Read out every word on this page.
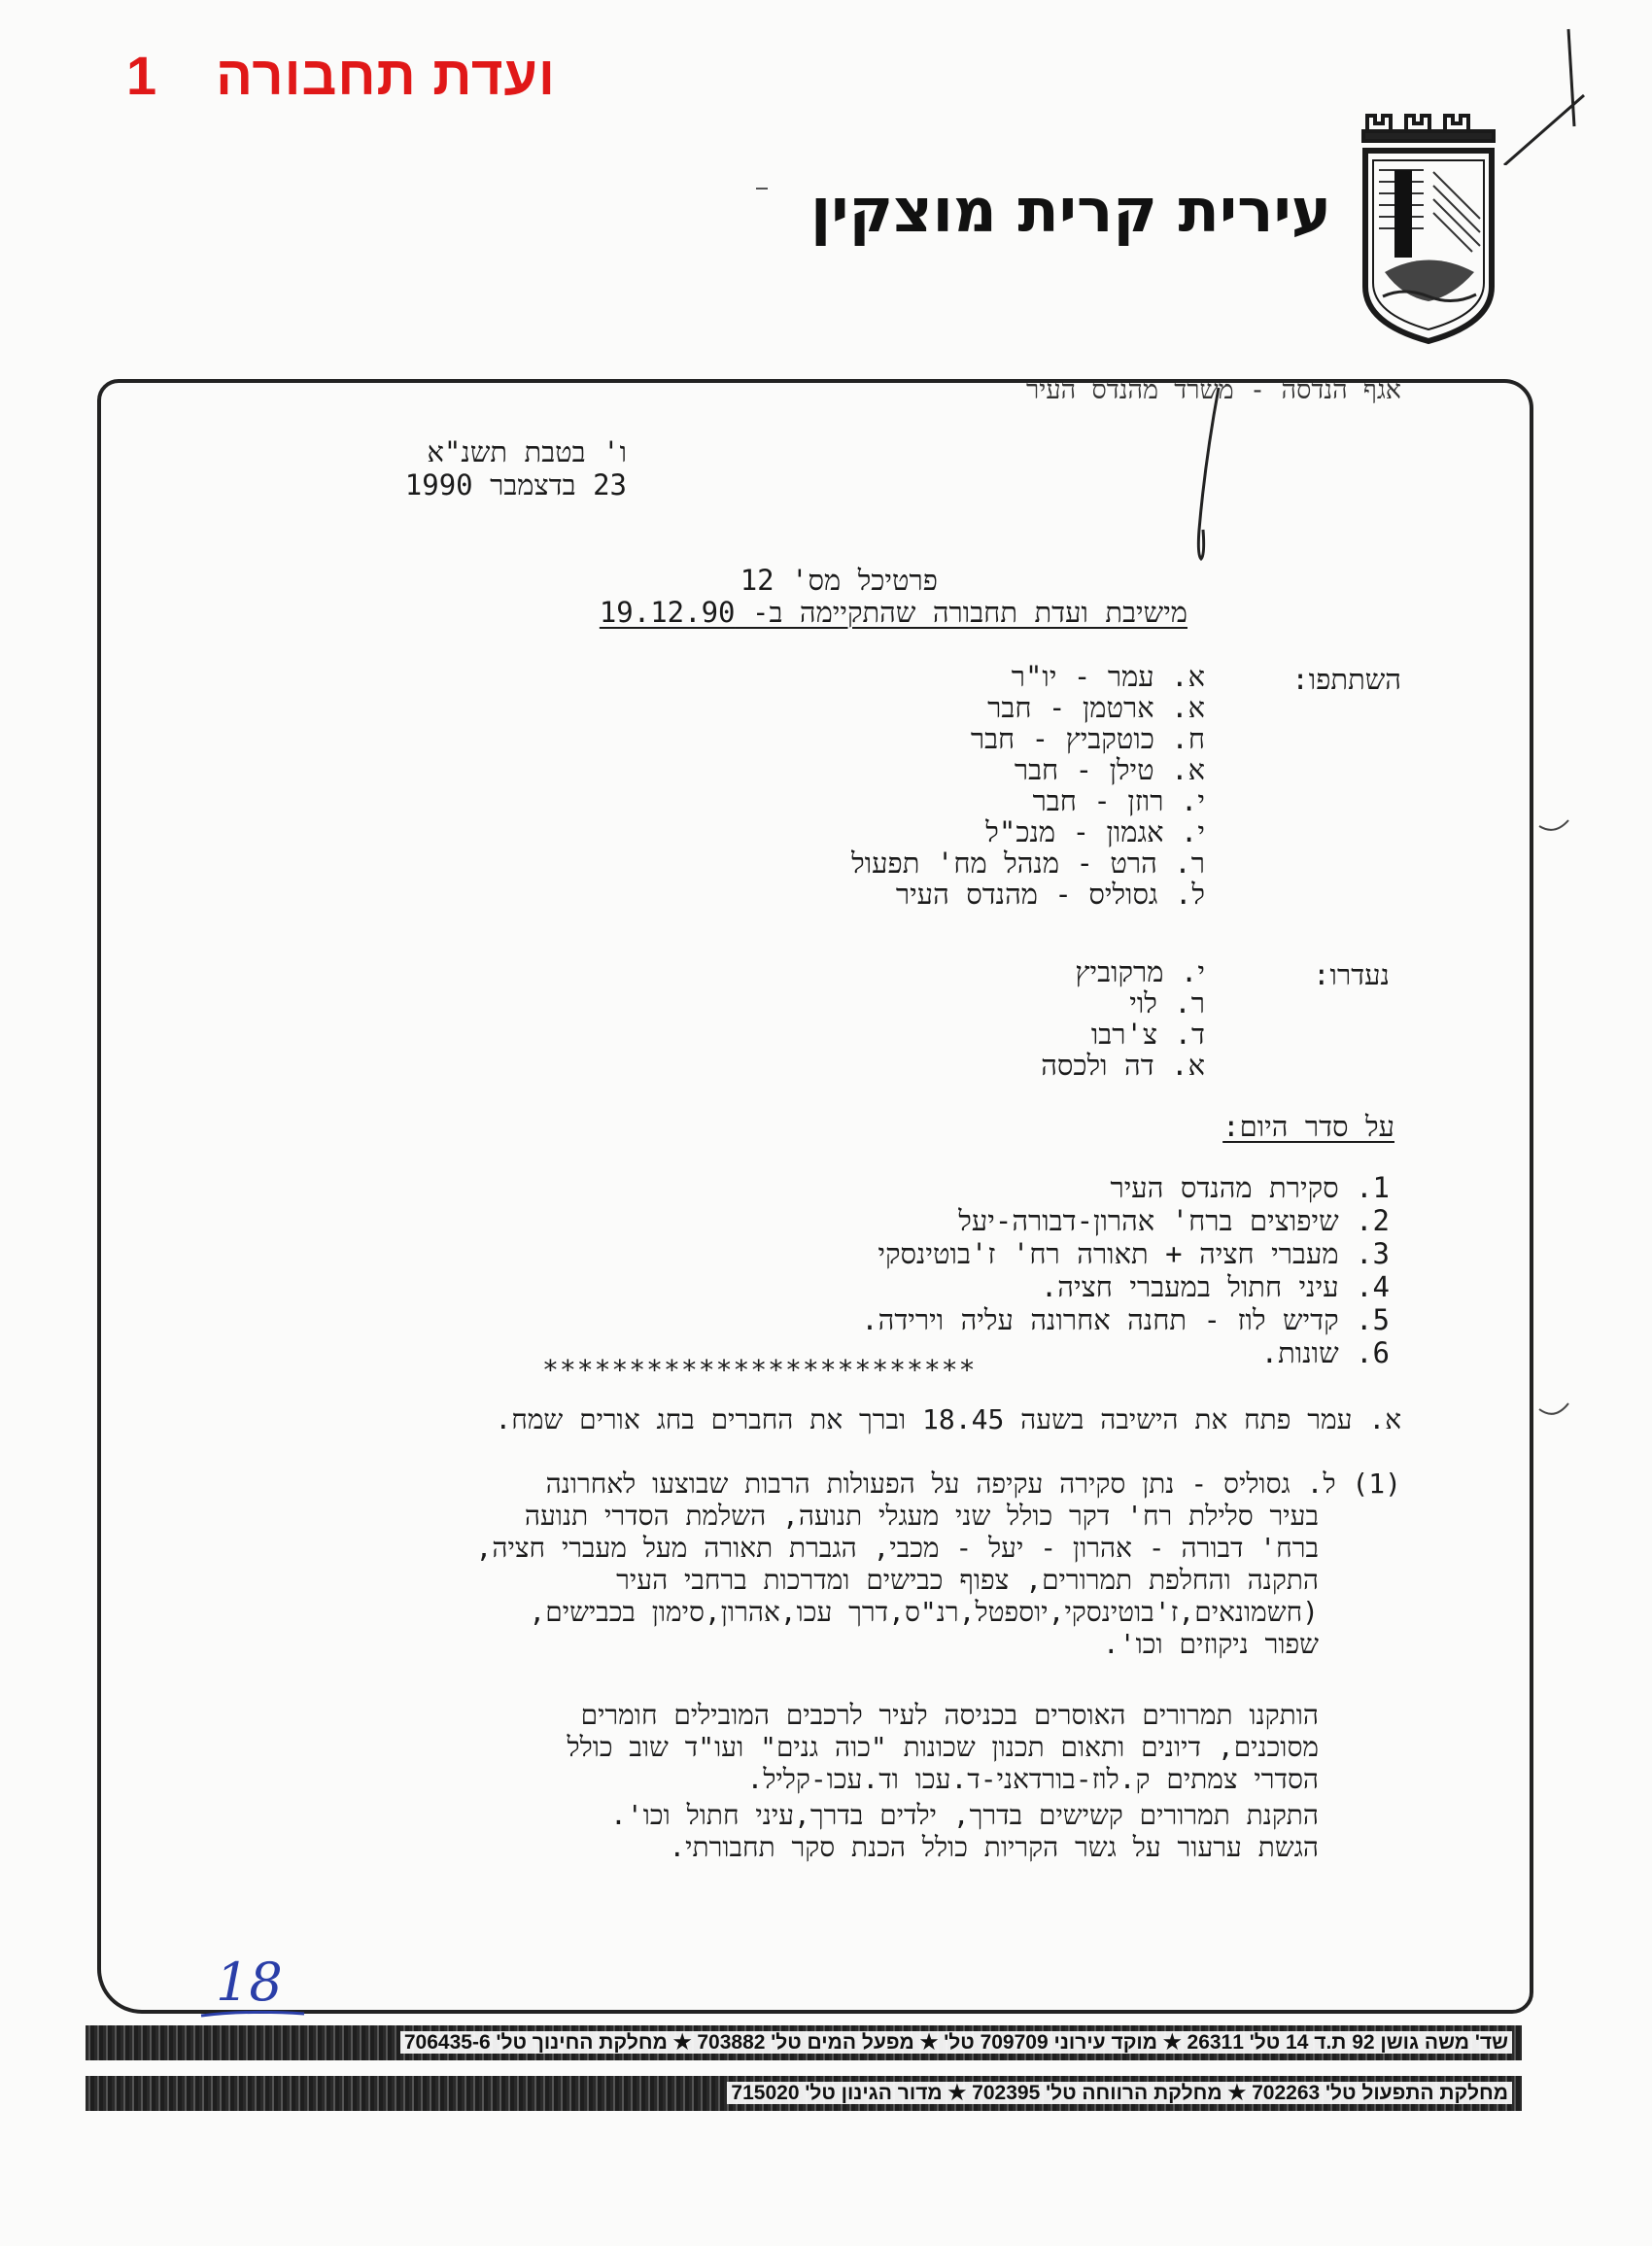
1 ועדת תחבורה
עירית קרית מוצקין
אגף הנדסה - משרד מהנדס העיר
ו' בטבת תשנ"א
23 בדצמבר 1990
פרטיכל מס' 12
מישיבת ועדת תחבורה שהתקיימה ב- 19.12.90
השתתפו:
א. עמר - יו"ר
א. ארטמן - חבר
ח. כוטקביץ - חבר
א. טילן - חבר
י. רוזן - חבר
י. אגמון - מנכ"ל
ר. הרט - מנהל מח' תפעול
ל. גסוליס - מהנדס העיר
נעדרו:
י. מרקוביץ
ר. לוי
ד. צ'רבו
א. דה ולכסה
על סדר היום:
1. סקירת מהנדס העיר
2. שיפוצים ברח' אהרון-דבורה-יעל
3. מעברי חציה + תאורה רח' ז'בוטינסקי
4. עיני חתול במעברי חציה.
5. קדיש לוז - תחנה אחרונה עליה וירידה.
6. שונות.
*************************
א. עמר פתח את הישיבה בשעה 18.45 וברך את החברים בחג אורים שמח.
(1) ל. גסוליס - נתן סקירה עקיפה על הפעולות הרבות שבוצעו לאחרונה
בעיר סלילת רח' דקר כולל שני מעגלי תנועה, השלמת הסדרי תנועה
ברח' דבורה - אהרון - יעל - מכבי, הגברת תאורה מעל מעברי חציה,
התקנה והחלפת תמרורים, צפוף כבישים ומדרכות ברחבי העיר
(חשמונאים,ז'בוטינסקי,יוספטל,רנ"ס,דרך עכו,אהרון,סימון בכבישים,
שפור ניקוזים וכו'.
הותקנו תמרורים האוסרים בכניסה לעיר לרכבים המובילים חומרים
מסוכנים, דיונים ותאום תכנון שכונות "כוה גנים" ועו"ד שוב כולל
הסדרי צמתים ק.לוז-בורדאני-ד.עכו וד.עכו-קליל.
התקנת תמרורים קשישים בדרך, ילדים בדרך,עיני חתול וכו'.
הגשת ערעור על גשר הקריות כולל הכנת סקר תחבורתי.
18
שד' משה גושן 92 ת.ד 14 טל' 26311 ★ מוקד עירוני 709709 טל' ★ מפעל המים טל' 703882 ★ מחלקת החינוך טל' 706435-6
מחלקת התפעול טל' 702263 ★ מחלקת הרווחה טל' 702395 ★ מדור הגינון טל' 715020
